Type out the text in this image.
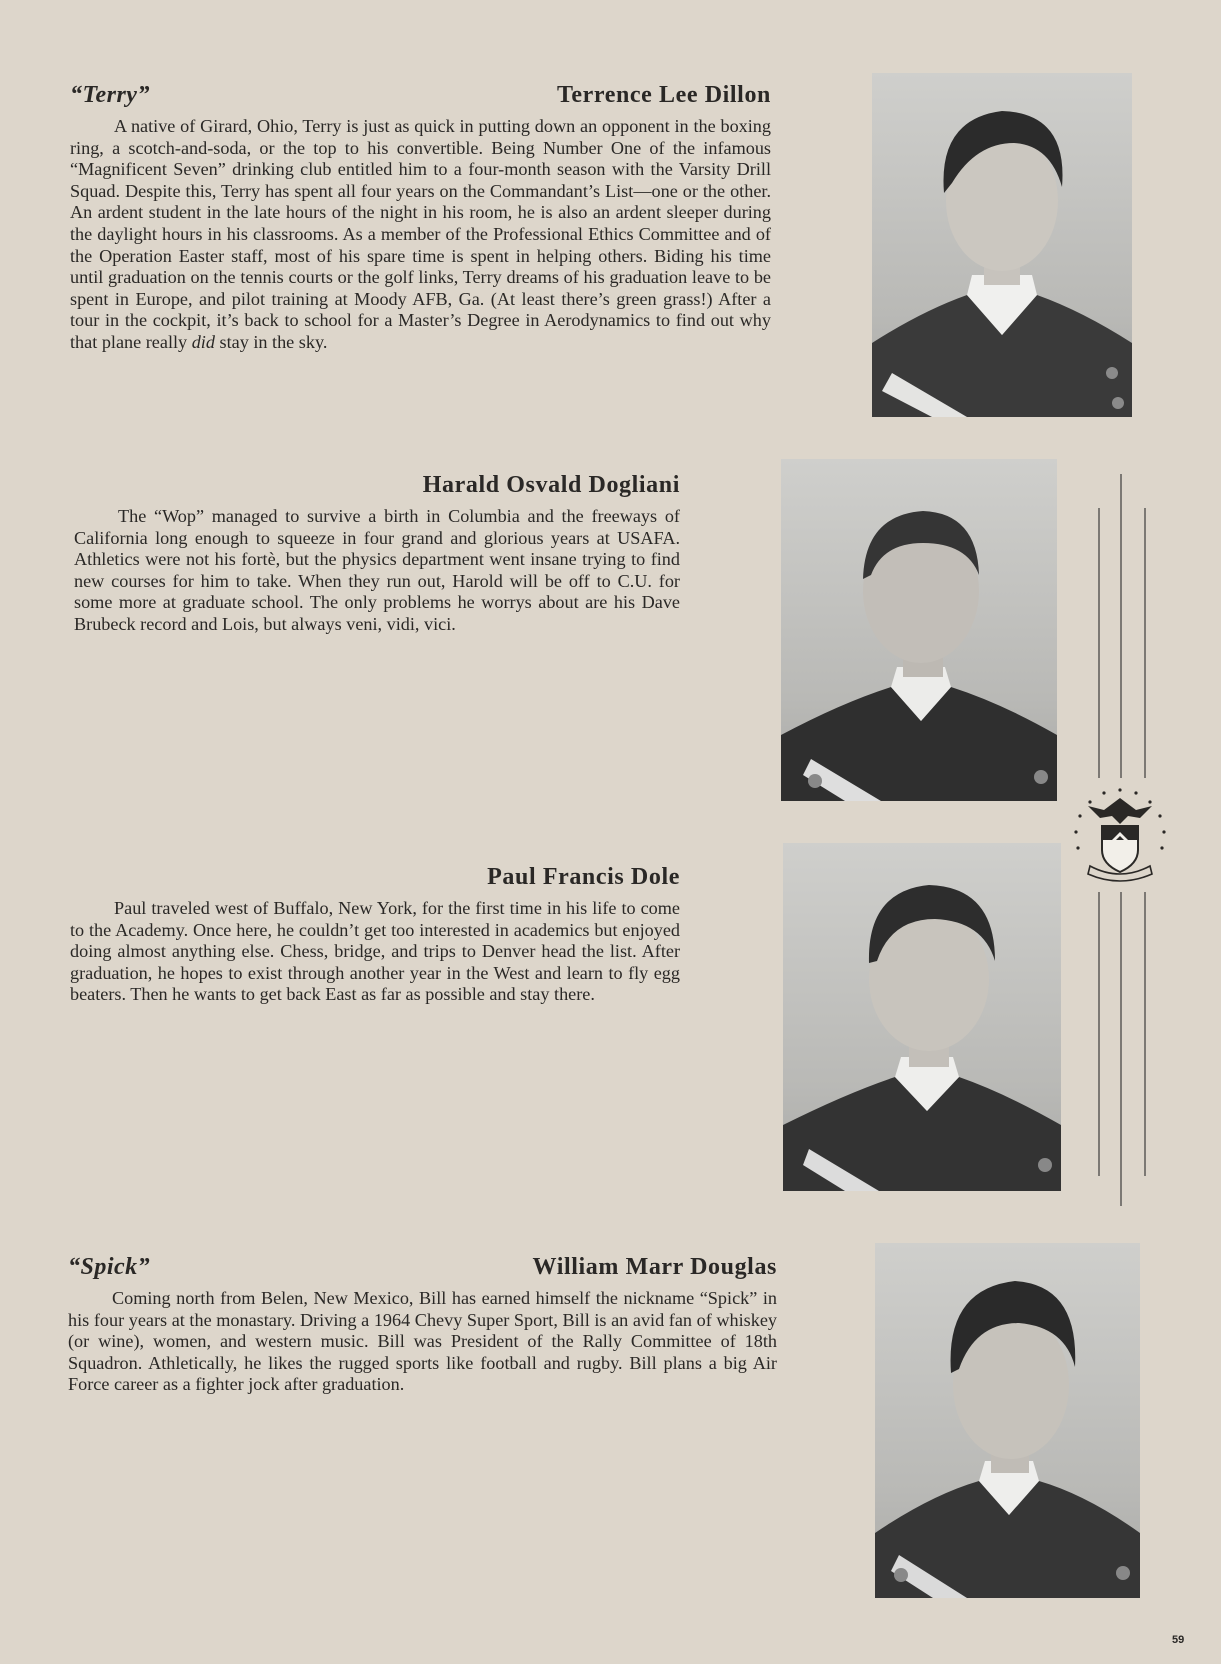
“Terry”	Terrence Lee Dillon

A native of Girard, Ohio, Terry is just as quick in putting down an opponent in the boxing ring, a scotch-and-soda, or the top to his convertible. Being Number One of the infamous “Magnificent Seven” drinking club entitled him to a four-month season with the Varsity Drill Squad. Despite this, Terry has spent all four years on the Commandant’s List—one or the other. An ardent student in the late hours of the night in his room, he is also an ardent sleeper during the daylight hours in his classrooms. As a member of the Professional Ethics Committee and of the Operation Easter staff, most of his spare time is spent in helping others. Biding his time until graduation on the tennis courts or the golf links, Terry dreams of his graduation leave to be spent in Europe, and pilot training at Moody AFB, Ga. (At least there’s green grass!) After a tour in the cockpit, it’s back to school for a Master’s Degree in Aerodynamics to find out why that plane really did stay in the sky.

Harald Osvald Dogliani

The “Wop” managed to survive a birth in Columbia and the freeways of California long enough to squeeze in four grand and glorious years at USAFA. Athletics were not his fortè, but the physics department went insane trying to find new courses for him to take. When they run out, Harold will be off to C.U. for some more at graduate school. The only problems he worrys about are his Dave Brubeck record and Lois, but always veni, vidi, vici.

Paul Francis Dole

Paul traveled west of Buffalo, New York, for the first time in his life to come to the Academy. Once here, he couldn’t get too interested in academics but enjoyed doing almost anything else. Chess, bridge, and trips to Denver head the list. After graduation, he hopes to exist through another year in the West and learn to fly egg beaters. Then he wants to get back East as far as possible and stay there.

“Spick”	William Marr Douglas

Coming north from Belen, New Mexico, Bill has earned himself the nickname “Spick” in his four years at the monastary. Driving a 1964 Chevy Super Sport, Bill is an avid fan of whiskey (or wine), women, and western music. Bill was President of the Rally Committee of 18th Squadron. Athletically, he likes the rugged sports like football and rugby. Bill plans a big Air Force career as a fighter jock after graduation.

59
